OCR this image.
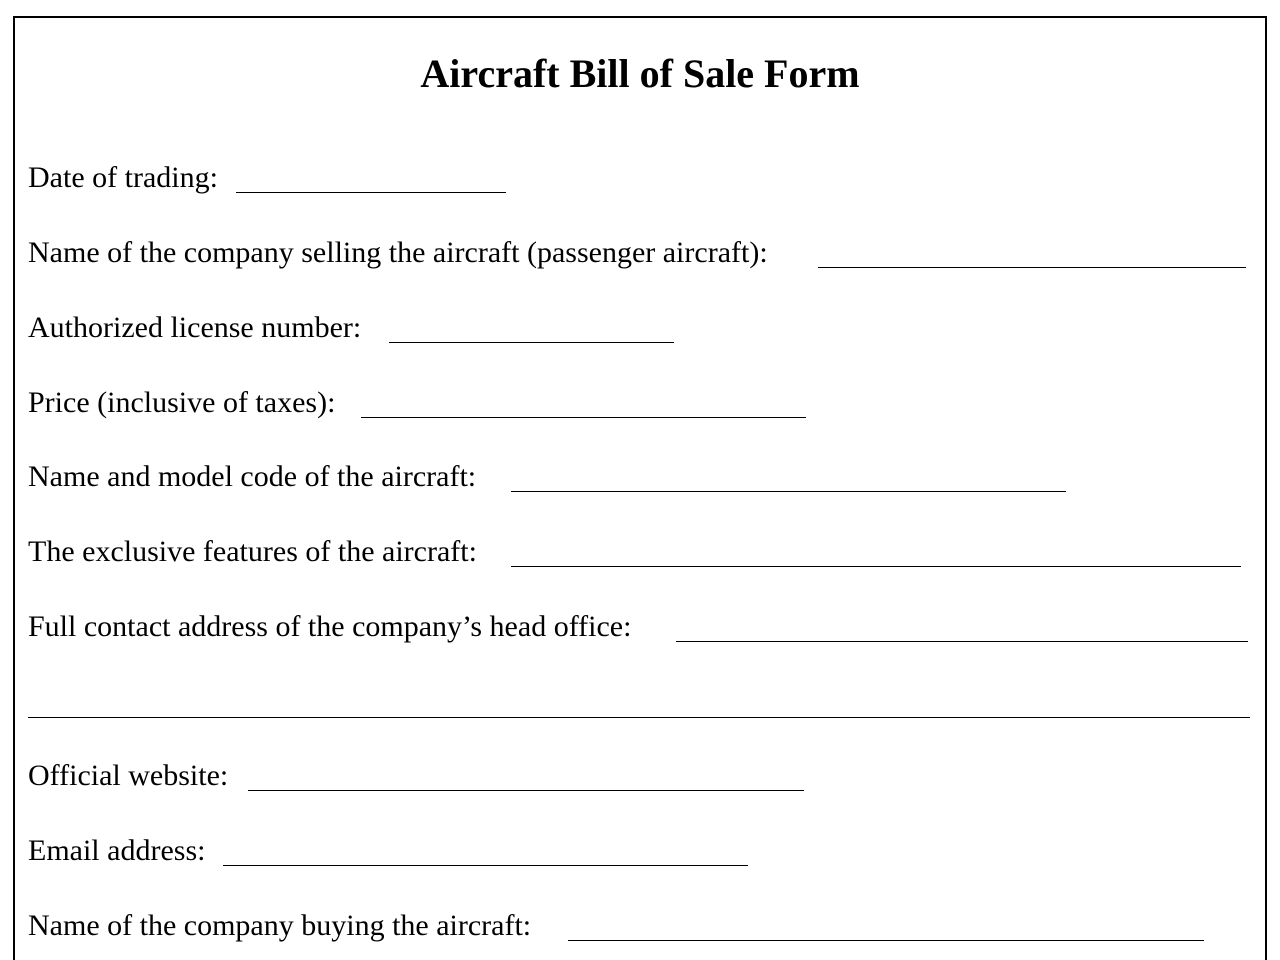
Aircraft Bill of Sale Form
Date of trading:
Name of the company selling the aircraft (passenger aircraft):
Authorized license number:
Price (inclusive of taxes):
Name and model code of the aircraft:
The exclusive features of the aircraft:
Full contact address of the company’s head office:
Official website:
Email address:
Name of the company buying the aircraft:
